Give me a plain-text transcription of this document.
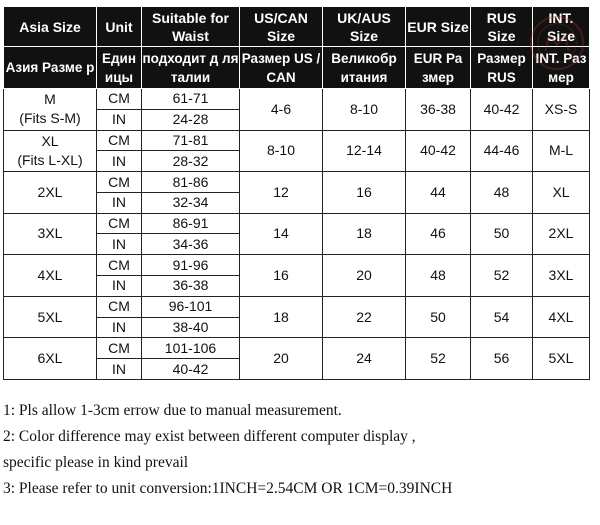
Asia Size	Unit	Suitable for Waist	US/CAN Size	UK/AUS Size	EUR Size	RUS Size	INT. Size
Азия Разме р	Един ицы	подходит д ля талии	Размер US / CAN	Великобр итания	EUR Ра змер	Размер RUS	INT. Раз мер

M
(Fits S-M)	CM	61-71	4-6	8-10	36-38	40-42	XS-S
	IN	24-28					

XL
(Fits L-XL)	CM	71-81	8-10	12-14	40-42	44-46	M-L
	IN	28-32					

2XL	CM	81-86	12	16	44	48	XL
	IN	32-34					

3XL	CM	86-91	14	18	46	50	2XL
	IN	34-36					

4XL	CM	91-96	16	20	48	52	3XL
	IN	36-38					

5XL	CM	96-101	18	22	50	54	4XL
	IN	38-40					

6XL	CM	101-106	20	24	52	56	5XL
	IN	40-42					
1: Pls allow 1-3cm errow due to manual measurement.
2: Color difference may exist between different computer display ,
specific please in kind prevail
3: Please refer to unit conversion:1INCH=2.54CM OR 1CM=0.39INCH
